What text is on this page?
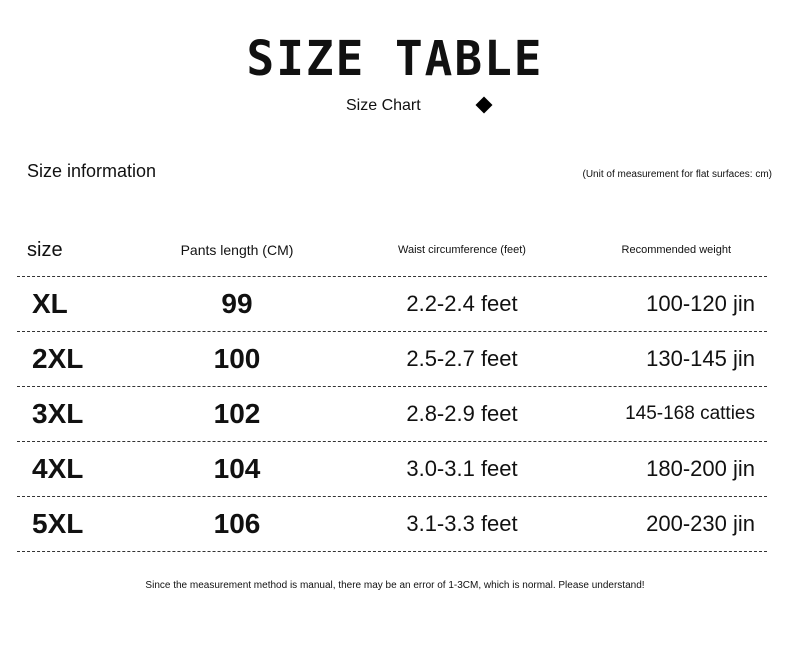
SIZE TABLE
Size Chart
Size information	(Unit of measurement for flat surfaces: cm)
size	Pants length (CM)	Waist circumference (feet)	Recommended weight
XL	99	2.2-2.4 feet	100-120 jin
2XL	100	2.5-2.7 feet	130-145 jin
3XL	102	2.8-2.9 feet	145-168 catties
4XL	104	3.0-3.1 feet	180-200 jin
5XL	106	3.1-3.3 feet	200-230 jin
Since the measurement method is manual, there may be an error of 1-3CM, which is normal. Please understand!
